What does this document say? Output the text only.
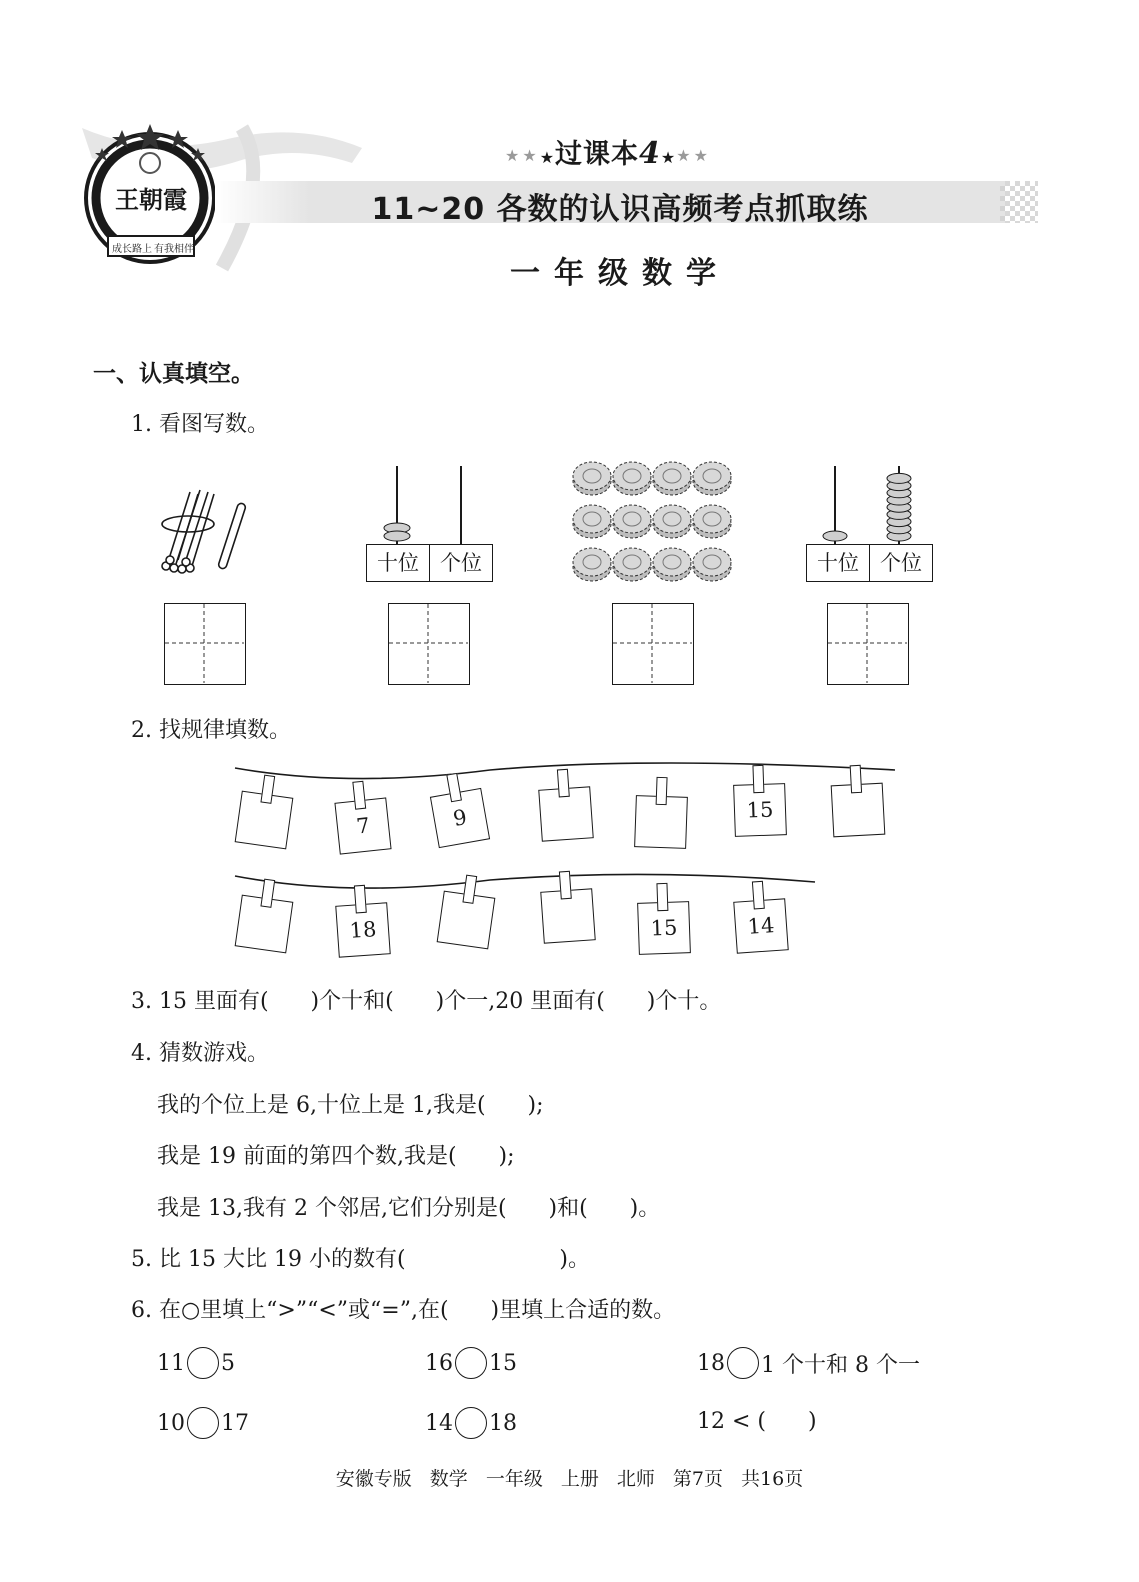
王朝霞
成长路上 有我相伴
★★★过课本4★★★
11~20 各数的认识高频考点抓取练
一年级数学
一、认真填空。
1. 看图写数。
十位	个位	十位	个位
2. 找规律填数。
7	9	15
18	15	14
3. 15 里面有(      )个十和(      )个一,20 里面有(      )个十。
4. 猜数游戏。
我的个位上是 6,十位上是 1,我是(      );
我是 19 前面的第四个数,我是(      );
我是 13,我有 2 个邻居,它们分别是(      )和(      )。
5. 比 15 大比 19 小的数有(                      )。
6. 在○里填上“>”“<”或“=”,在(      )里填上合适的数。
11 5	16 15	18 1 个十和 8 个一
10 17	14 18	12 < (      )
安徽专版 数学 一年级 上册 北师 第7页 共16页
